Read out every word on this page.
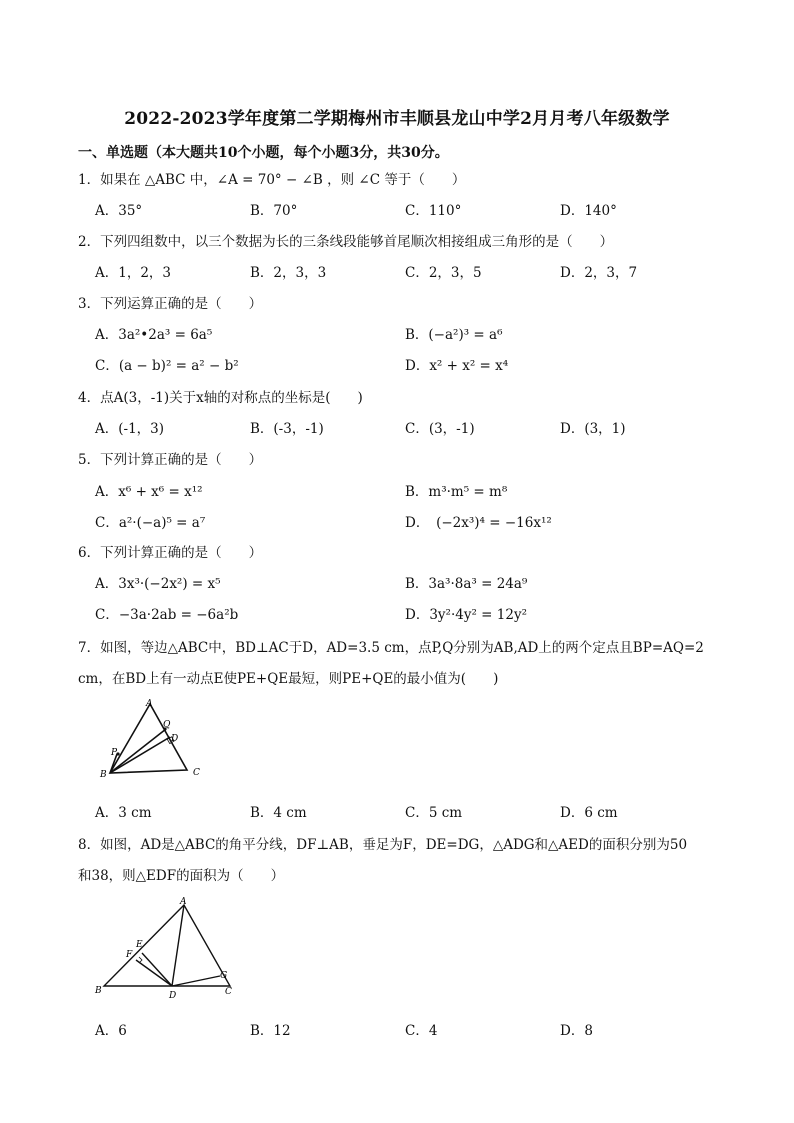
2022-2023学年度第二学期梅州市丰顺县龙山中学2月月考八年级数学
一、单选题（本大题共10个小题，每个小题3分，共30分。
1．如果在 △ABC 中，∠A = 70° − ∠B ，则 ∠C 等于（　　）
A．35°	B．70°	C．110°	D．140°
2．下列四组数中，以三个数据为长的三条线段能够首尾顺次相接组成三角形的是（　　）
A．1，2，3	B．2，3，3	C．2，3，5	D．2，3，7
3．下列运算正确的是（　　）
A．3a²•2a³ = 6a⁵	B．(−a²)³ = a⁶
C．(a − b)² = a² − b²	D．x² + x² = x⁴
4．点A(3，-1)关于x轴的对称点的坐标是(　　)
A．(-1，3)	B．(-3，-1)	C．(3，-1)	D．(3，1)
5．下列计算正确的是（　　）
A．x⁶ + x⁶ = x¹²	B．m³·m⁵ = m⁸
C．a²·(−a)⁵ = a⁷	D．　(−2x³)⁴ = −16x¹²
6．下列计算正确的是（　　）
A．3x³·(−2x²) = x⁵	B．3a³·8a³ = 24a⁹
C．−3a·2ab = −6a²b	D．3y²·4y² = 12y²
7．如图，等边△ABC中，BD⊥AC于D，AD=3.5 cm，点P,Q分别为AB,AD上的两个定点且BP=AQ=2
cm，在BD上有一动点E使PE+QE最短，则PE+QE的最小值为(　　)
A
Q
D
P
B	C
A．3 cm	B．4 cm	C．5 cm	D．6 cm
8．如图，AD是△ABC的角平分线，DF⊥AB，垂足为F，DE=DG，△ADG和△AED的面积分别为50
和38，则△EDF的面积为（　　）
A
E
F
G
B	D	C
A．6	B．12	C．4	D．8
